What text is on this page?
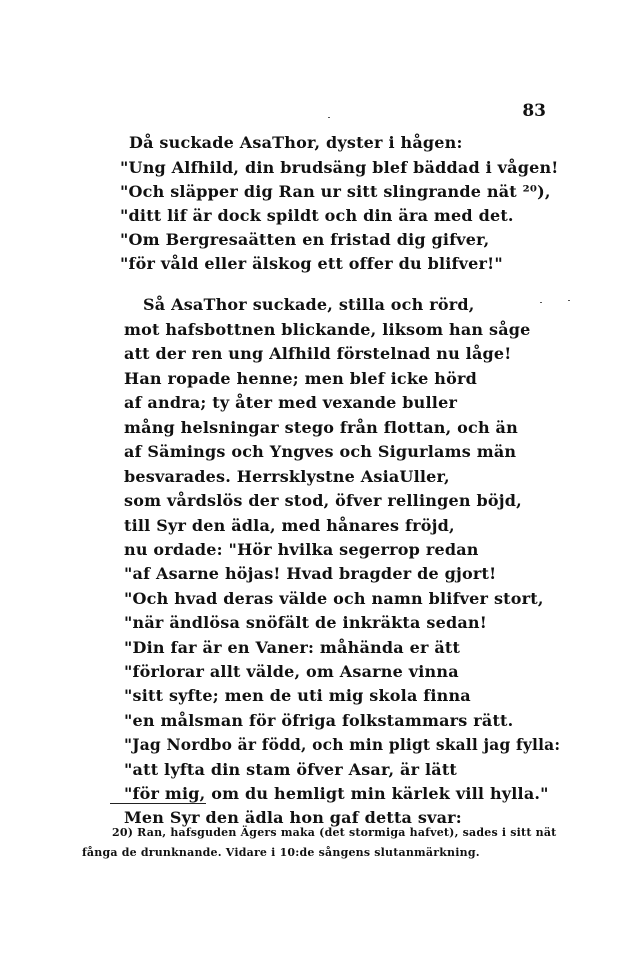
83
Då suckade AsaThor, dyster i hågen:
"Ung Alfhild, din brudsäng blef bäddad i vågen!
"Och släpper dig Ran ur sitt slingrande nät ²⁰),
"ditt lif är dock spildt och din ära med det.
"Om Bergresaätten en fristad dig gifver,
"för våld eller älskog ett offer du blifver!"
Så AsaThor suckade, stilla och rörd,
mot hafsbottnen blickande, liksom han såge
att der ren ung Alfhild förstelnad nu låge!
Han ropade henne; men blef icke hörd
af andra; ty åter med vexande buller
mång helsningar stego från flottan, och än
af Sämings och Yngves och Sigurlams män
besvarades. Herrsklystne AsiaUller,
som vårdslös der stod, öfver rellingen böjd,
till Syr den ädla, med hånares fröjd,
nu ordade: "Hör hvilka segerrop redan
"af Asarne höjas! Hvad bragder de gjort!
"Och hvad deras välde och namn blifver stort,
"när ändlösa snöfält de inkräkta sedan!
"Din far är en Vaner: måhända er ätt
"förlorar allt välde, om Asarne vinna
"sitt syfte; men de uti mig skola finna
"en målsman för öfriga folkstammars rätt.
"Jag Nordbo är född, och min pligt skall jag fylla:
"att lyfta din stam öfver Asar, är lätt
"för mig, om du hemligt min kärlek vill hylla."
Men Syr den ädla hon gaf detta svar:
20) Ran, hafsguden Ägers maka (det stormiga hafvet), sades i sitt nät
fånga de drunknande. Vidare i 10:de sångens slutanmärkning.
